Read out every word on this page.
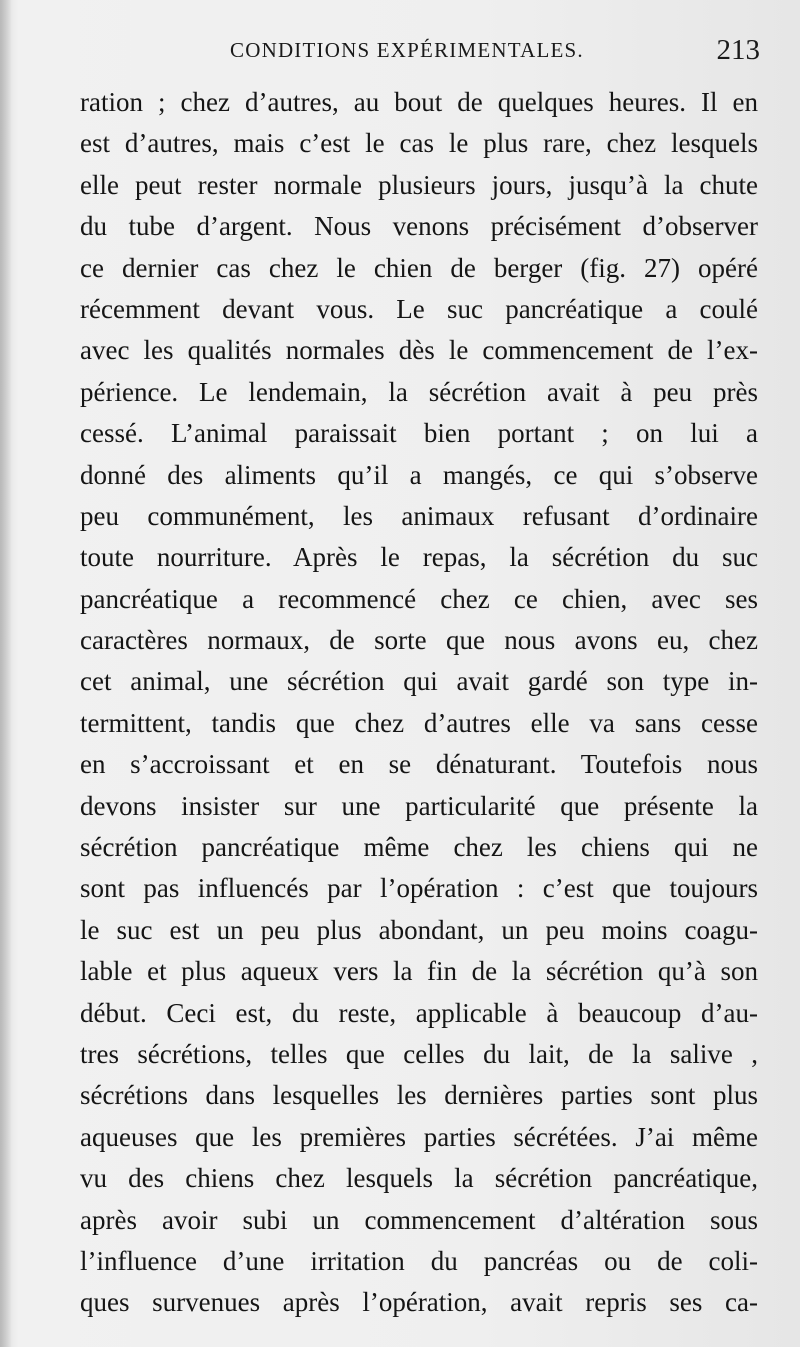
CONDITIONS EXPÉRIMENTALES.	213
ration ; chez d’autres, au bout de quelques heures. Il en
est d’autres, mais c’est le cas le plus rare, chez lesquels
elle peut rester normale plusieurs jours, jusqu’à la chute
du tube d’argent. Nous venons précisément d’observer
ce dernier cas chez le chien de berger (fig. 27) opéré
récemment devant vous. Le suc pancréatique a coulé
avec les qualités normales dès le commencement de l’ex-
périence. Le lendemain, la sécrétion avait à peu près
cessé. L’animal paraissait bien portant ; on lui a
donné des aliments qu’il a mangés, ce qui s’observe
peu communément, les animaux refusant d’ordinaire
toute nourriture. Après le repas, la sécrétion du suc
pancréatique a recommencé chez ce chien, avec ses
caractères normaux, de sorte que nous avons eu, chez
cet animal, une sécrétion qui avait gardé son type in-
termittent, tandis que chez d’autres elle va sans cesse
en s’accroissant et en se dénaturant. Toutefois nous
devons insister sur une particularité que présente la
sécrétion pancréatique même chez les chiens qui ne
sont pas influencés par l’opération : c’est que toujours
le suc est un peu plus abondant, un peu moins coagu-
lable et plus aqueux vers la fin de la sécrétion qu’à son
début. Ceci est, du reste, applicable à beaucoup d’au-
tres sécrétions, telles que celles du lait, de la salive ,
sécrétions dans lesquelles les dernières parties sont plus
aqueuses que les premières parties sécrétées. J’ai même
vu des chiens chez lesquels la sécrétion pancréatique,
après avoir subi un commencement d’altération sous
l’influence d’une irritation du pancréas ou de coli-
ques survenues après l’opération, avait repris ses ca-
